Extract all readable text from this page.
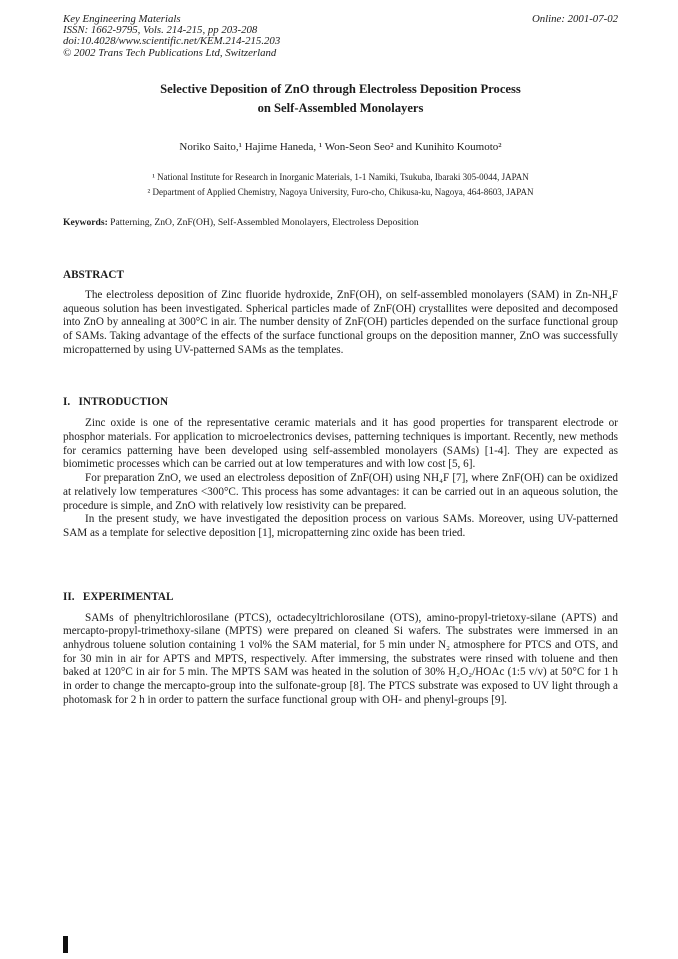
Key Engineering Materials
ISSN: 1662-9795, Vols. 214-215, pp 203-208
doi:10.4028/www.scientific.net/KEM.214-215.203
© 2002 Trans Tech Publications Ltd, Switzerland
Online: 2001-07-02
Selective Deposition of ZnO through Electroless Deposition Process
on Self-Assembled Monolayers
Noriko Saito,¹ Hajime Haneda, ¹ Won-Seon Seo² and Kunihito Koumoto²
¹ National Institute for Research in Inorganic Materials, 1-1 Namiki, Tsukuba, Ibaraki 305-0044, JAPAN
² Department of Applied Chemistry, Nagoya University, Furo-cho, Chikusa-ku, Nagoya, 464-8603, JAPAN
Keywords: Patterning, ZnO, ZnF(OH), Self-Assembled Monolayers, Electroless Deposition
ABSTRACT

The electroless deposition of Zinc fluoride hydroxide, ZnF(OH), on self-assembled monolayers (SAM) in Zn-NH₄F aqueous solution has been investigated. Spherical particles made of ZnF(OH) crystallites were deposited and decomposed into ZnO by annealing at 300°C in air. The number density of ZnF(OH) particles depended on the surface functional group of SAMs. Taking advantage of the effects of the surface functional groups on the deposition manner, ZnO was successfully micropatterned by using UV-patterned SAMs as the templates.

I.   INTRODUCTION

Zinc oxide is one of the representative ceramic materials and it has good properties for transparent electrode or phosphor materials. For application to microelectronics devises, patterning techniques is important. Recently, new methods for ceramics patterning have been developed using self-assembled monolayers (SAMs) [1-4]. They are expected as biomimetic processes which can be carried out at low temperatures and with low cost [5, 6].

For preparation ZnO, we used an electroless deposition of ZnF(OH) using NH₄F [7], where ZnF(OH) can be oxidized at relatively low temperatures <300°C. This process has some advantages: it can be carried out in an aqueous solution, the procedure is simple, and ZnO with relatively low resistivity can be prepared.

In the present study, we have investigated the deposition process on various SAMs. Moreover, using UV-patterned SAM as a template for selective deposition [1], micropatterning zinc oxide has been tried.

II.   EXPERIMENTAL

SAMs of phenyltrichlorosilane (PTCS), octadecyltrichlorosilane (OTS), amino-propyl-trietoxy-silane (APTS) and mercapto-propyl-trimethoxy-silane (MPTS) were prepared on cleaned Si wafers. The substrates were immersed in an anhydrous toluene solution containing 1 vol% the SAM material, for 5 min under N₂ atmosphere for PTCS and OTS, and for 30 min in air for APTS and MPTS, respectively. After immersing, the substrates were rinsed with toluene and then baked at 120°C in air for 5 min. The MPTS SAM was heated in the solution of 30% H₂O₂/HOAc (1:5 v/v) at 50°C for 1 h in order to change the mercapto-group into the sulfonate-group [8]. The PTCS substrate was exposed to UV light through a photomask for 2 h in order to pattern the surface functional group with OH- and phenyl-groups [9].
